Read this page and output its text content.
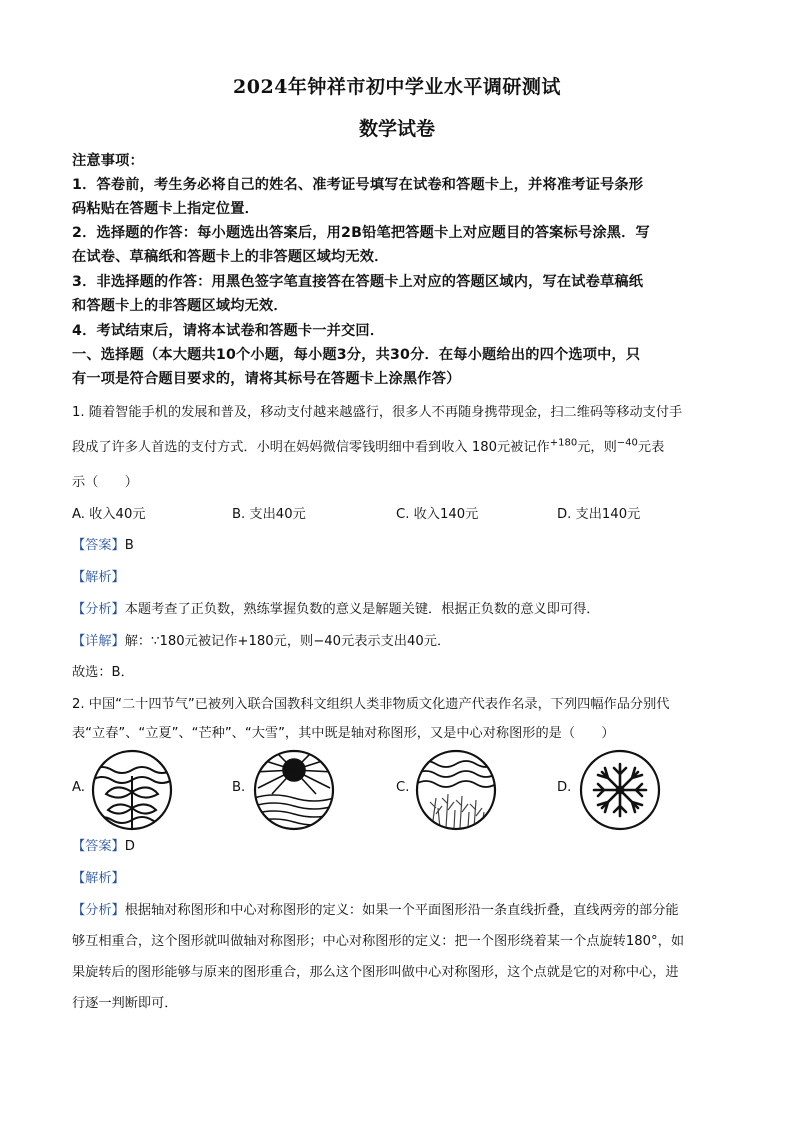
2024年钟祥市初中学业水平调研测试
数学试卷
注意事项：
1．答卷前，考生务必将自己的姓名、准考证号填写在试卷和答题卡上，并将准考证号条形
码粘贴在答题卡上指定位置．
2．选择题的作答：每小题选出答案后，用2B铅笔把答题卡上对应题目的答案标号涂黑．写
在试卷、草稿纸和答题卡上的非答题区域均无效．
3．非选择题的作答：用黑色签字笔直接答在答题卡上对应的答题区域内，写在试卷草稿纸
和答题卡上的非答题区域均无效．
4．考试结束后，请将本试卷和答题卡一并交回．
一、选择题（本大题共10个小题，每小题3分，共30分．在每小题给出的四个选项中，只
有一项是符合题目要求的，请将其标号在答题卡上涂黑作答）
1. 随着智能手机的发展和普及，移动支付越来越盛行，很多人不再随身携带现金，扫二维码等移动支付手
段成了许多人首选的支付方式．小明在妈妈微信零钱明细中看到收入 180元被记作$^{+180}$元，则$^{-40}$元表
示（　　）
A. 收入40元	B. 支出40元	C. 收入140元	D. 支出140元
【答案】B
【解析】
【分析】本题考查了正负数，熟练掌握负数的意义是解题关键．根据正负数的意义即可得．
【详解】解：∵180元被记作+180元，则−40元表示支出40元．
故选：B．
2. 中国“二十四节气”已被列入联合国教科文组织人类非物质文化遗产代表作名录，下列四幅作品分别代
表“立春”、“立夏”、“芒种”、“大雪”，其中既是轴对称图形，又是中心对称图形的是（　　）
A.	B.	C.	D.
【答案】D
【解析】
【分析】根据轴对称图形和中心对称图形的定义：如果一个平面图形沿一条直线折叠，直线两旁的部分能
够互相重合，这个图形就叫做轴对称图形；中心对称图形的定义：把一个图形绕着某一个点旋转180°，如
果旋转后的图形能够与原来的图形重合，那么这个图形叫做中心对称图形，这个点就是它的对称中心，进
行逐一判断即可．
